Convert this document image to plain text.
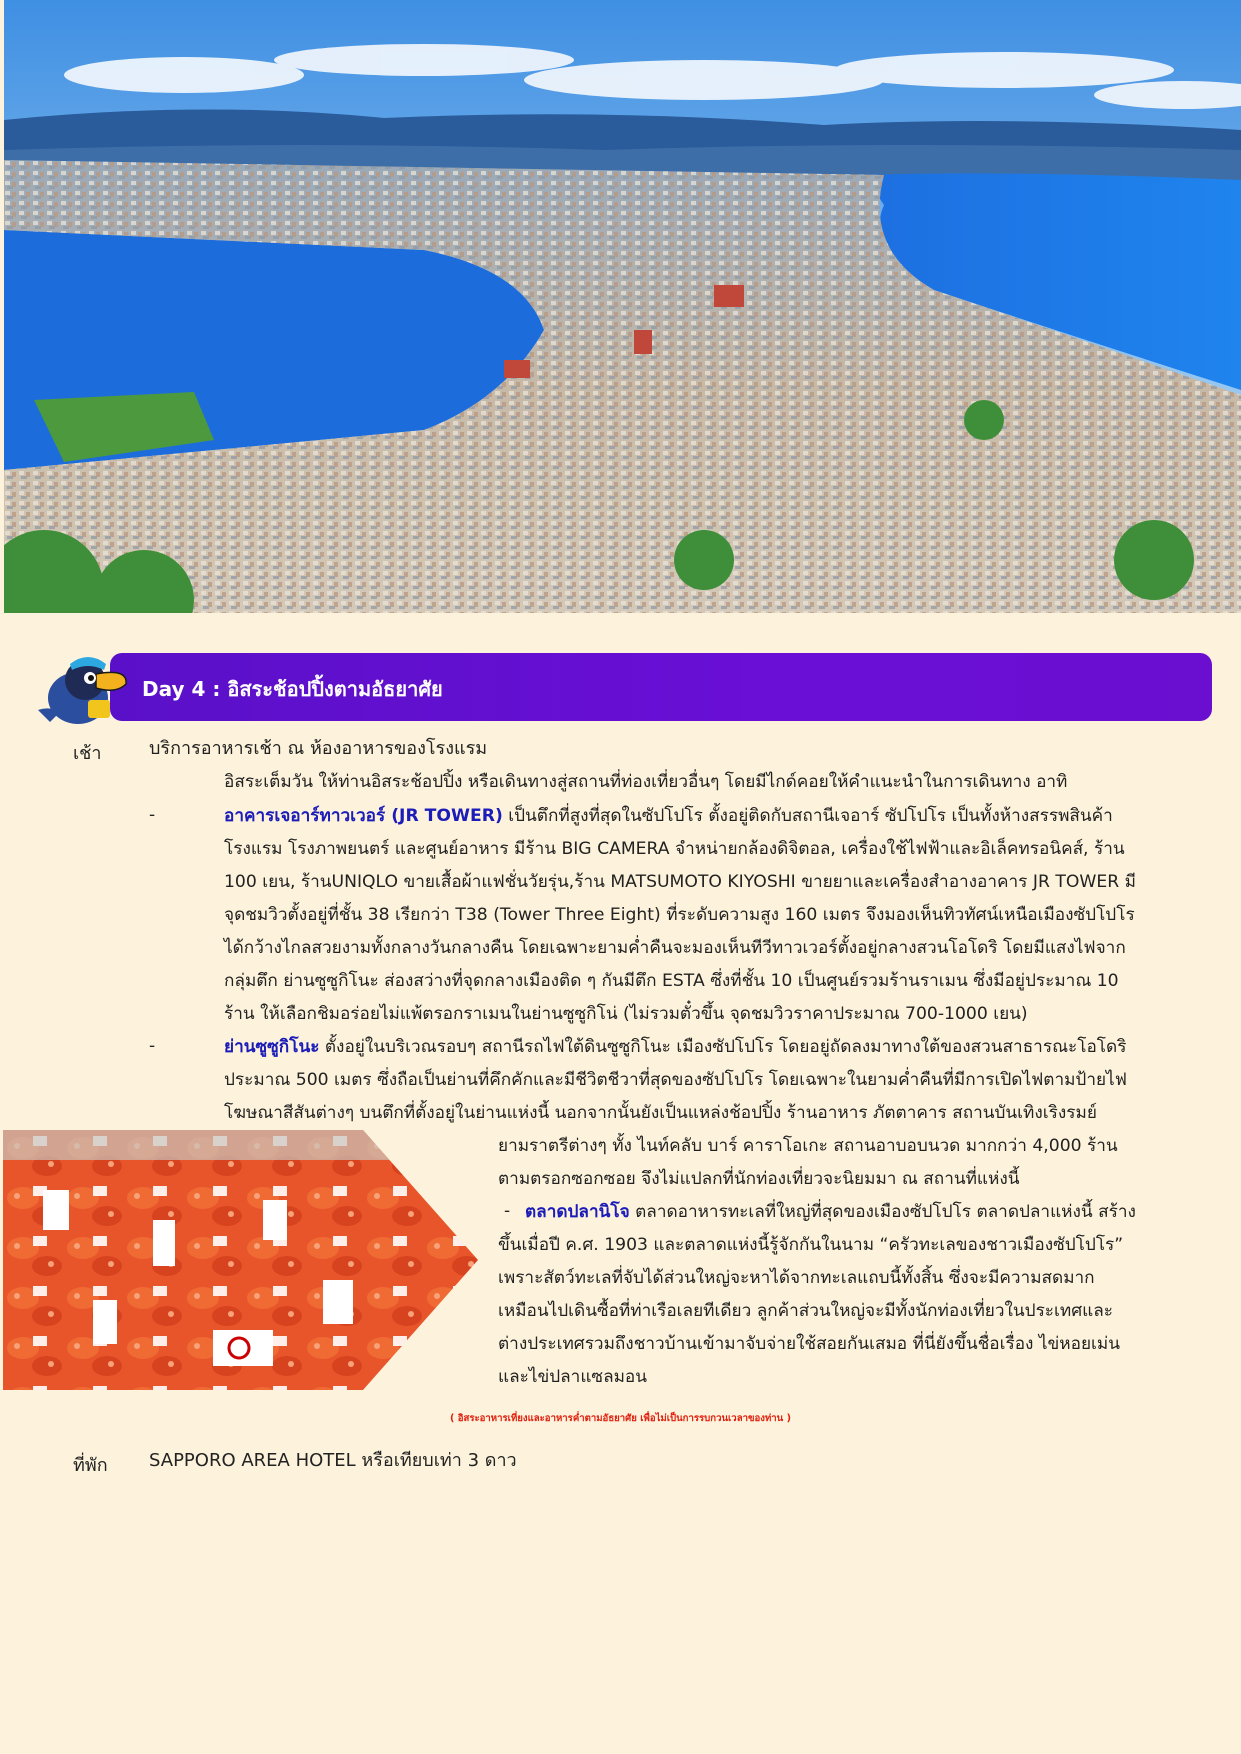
Day 4 : อิสระช้อปปิ้งตามอัธยาศัย
เช้า	บริการอาหารเช้า ณ ห้องอาหารของโรงแรม
อิสระเต็มวัน ให้ท่านอิสระช้อปปิ้ง หรือเดินทางสู่สถานที่ท่องเที่ยวอื่นๆ โดยมีไกด์คอยให้คำแนะนำในการเดินทาง อาทิ
-	อาคารเจอาร์ทาวเวอร์ (JR TOWER) เป็นตึกที่สูงที่สุดในซัปโปโร ตั้งอยู่ติดกับสถานีเจอาร์ ซัปโปโร เป็นทั้งห้างสรรพสินค้า
โรงแรม โรงภาพยนตร์ และศูนย์อาหาร มีร้าน BIG CAMERA จำหน่ายกล้องดิจิตอล, เครื่องใช้ไฟฟ้าและอิเล็คทรอนิคส์, ร้าน
100 เยน, ร้านUNIQLO ขายเสื้อผ้าแฟชั่นวัยรุ่น,ร้าน MATSUMOTO KIYOSHI ขายยาและเครื่องสำอางอาคาร JR TOWER มี
จุดชมวิวตั้งอยู่ที่ชั้น 38 เรียกว่า T38 (Tower Three Eight) ที่ระดับความสูง 160 เมตร จึงมองเห็นทิวทัศน์เหนือเมืองซัปโปโร
ได้กว้างไกลสวยงามทั้งกลางวันกลางคืน โดยเฉพาะยามค่ำคืนจะมองเห็นทีวีทาวเวอร์ตั้งอยู่กลางสวนโอโดริ โดยมีแสงไฟจาก
กลุ่มตึก ย่านซูซูกิโนะ ส่องสว่างที่จุดกลางเมืองติด ๆ กันมีตึก ESTA ซึ่งที่ชั้น 10 เป็นศูนย์รวมร้านราเมน ซึ่งมีอยู่ประมาณ 10
ร้าน ให้เลือกชิมอร่อยไม่แพ้ตรอกราเมนในย่านซูซูกิโน่ (ไม่รวมตั๋วขึ้น จุดชมวิวราคาประมาณ 700-1000 เยน)
-	ย่านซูซูกิโนะ ตั้งอยู่ในบริเวณรอบๆ สถานีรถไฟใต้ดินซูซูกิโนะ เมืองซัปโปโร โดยอยู่ถัดลงมาทางใต้ของสวนสาธารณะโอโดริ
ประมาณ 500 เมตร ซึ่งถือเป็นย่านที่คึกคักและมีชีวิตชีวาที่สุดของซัปโปโร โดยเฉพาะในยามค่ำคืนที่มีการเปิดไฟตามป้ายไฟ
โฆษณาสีสันต่างๆ บนตึกที่ตั้งอยู่ในย่านแห่งนี้ นอกจากนั้นยังเป็นแหล่งช้อปปิ้ง ร้านอาหาร ภัตตาคาร สถานบันเทิงเริงรมย์
ยามราตรีต่างๆ ทั้ง ไนท์คลับ บาร์ คาราโอเกะ สถานอาบอบนวด มากกว่า 4,000 ร้าน
ตามตรอกซอกซอย จึงไม่แปลกที่นักท่องเที่ยวจะนิยมมา ณ สถานที่แห่งนี้
- ตลาดปลานิโจ ตลาดอาหารทะเลที่ใหญ่ที่สุดของเมืองซัปโปโร ตลาดปลาแห่งนี้ สร้าง
ขึ้นเมื่อปี ค.ศ. 1903 และตลาดแห่งนี้รู้จักกันในนาม “ครัวทะเลของชาวเมืองซัปโปโร”
เพราะสัตว์ทะเลที่จับได้ส่วนใหญ่จะหาได้จากทะเลแถบนี้ทั้งสิ้น ซึ่งจะมีความสดมาก
เหมือนไปเดินซื้อที่ท่าเรือเลยทีเดียว ลูกค้าส่วนใหญ่จะมีทั้งนักท่องเที่ยวในประเทศและ
ต่างประเทศรวมถึงชาวบ้านเข้ามาจับจ่ายใช้สอยกันเสมอ ที่นี่ยังขึ้นชื่อเรื่อง ไข่หอยเม่น
และไข่ปลาแซลมอน
( อิสระอาหารเที่ยงและอาหารค่ำตามอัธยาศัย เพื่อไม่เป็นการรบกวนเวลาของท่าน )
ที่พัก SAPPORO AREA HOTEL หรือเทียบเท่า 3 ดาว
